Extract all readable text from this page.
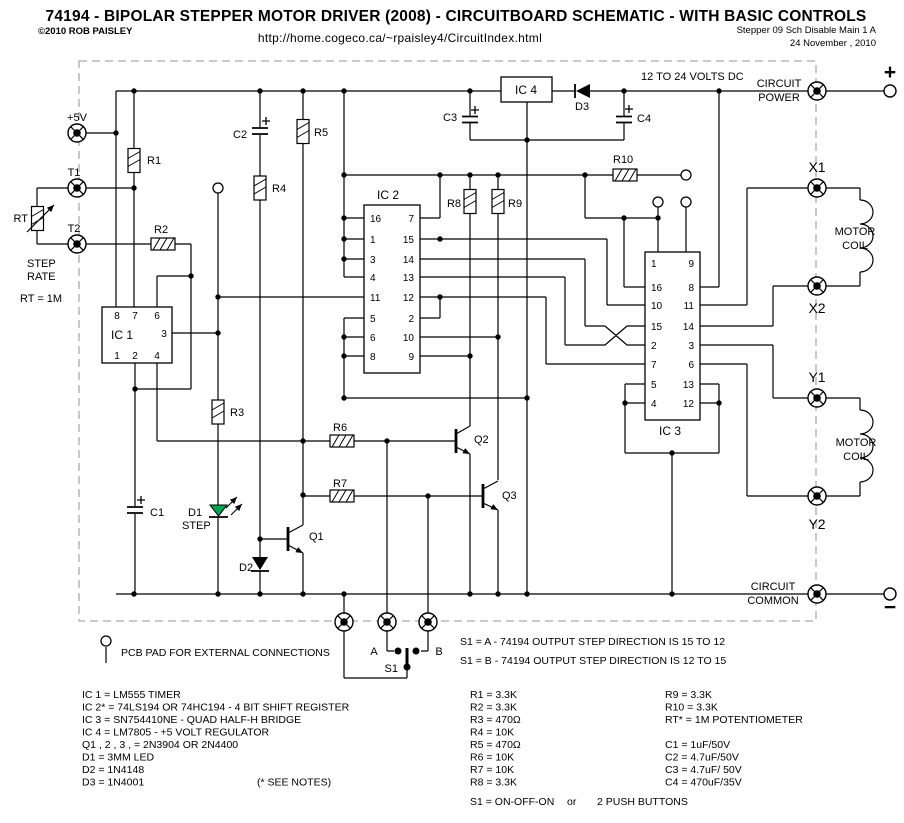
74194 - BIPOLAR STEPPER MOTOR DRIVER (2008) - CIRCUITBOARD SCHEMATIC - WITH BASIC CONTROLS
©2010 ROB PAISLEY	http://home.cogeco.ca/~rpaisley4/CircuitIndex.html
Stepper 09 Sch Disable Main 1 A
24 November , 2010
+5V
T1
T2
X1
X2
Y1
Y2
A	B
S1
+
−
R1
R2
R3
R4
R5
R6
R7
R8	R9
R10
RT
STEP
RATE
RT = 1M
C1
C2
C3	C4
D1
STEP
D2
D3
Q1
Q2
Q3
IC 1
IC 2
IC 3
IC 4
12 TO 24 VOLTS DC
CIRCUIT
POWER
CIRCUIT
COMMON
MOTOR
COIL
MOTOR
COIL
8 7 6
3
1 2 4
16
1
3
4
11
5
6
8
7
15
14
13
12
2
10
9
1
16
10
15
2
7
5
4
9
8
11
14
3
6
13
12
PCB PAD FOR EXTERNAL CONNECTIONS
S1 = A - 74194 OUTPUT STEP DIRECTION IS 15 TO 12
S1 = B - 74194 OUTPUT STEP DIRECTION IS 12 TO 15
IC 1 = LM555 TIMER
IC 2* = 74LS194 OR 74HC194 - 4 BIT SHIFT REGISTER
IC 3 = SN754410NE - QUAD HALF-H BRIDGE
IC 4 = LM7805 - +5 VOLT REGULATOR
Q1 , 2 , 3 , = 2N3904 OR 2N4400
D1 = 3MM LED
D2 = 1N4148
D3 = 1N4001	(* SEE NOTES)
R1 = 3.3K
R2 = 3.3K
R3 = 470Ω
R4 = 10K
R5 = 470Ω
R6 = 10K
R7 = 10K
R8 = 3.3K
S1 = ON-OFF-ON or 2 PUSH BUTTONS
R9 = 3.3K
R10 = 3.3K
RT* = 1M POTENTIOMETER
C1 = 1uF/50V
C2 = 4.7uF/50V
C3 = 4.7uF/ 50V
C4 = 470uF/35V
